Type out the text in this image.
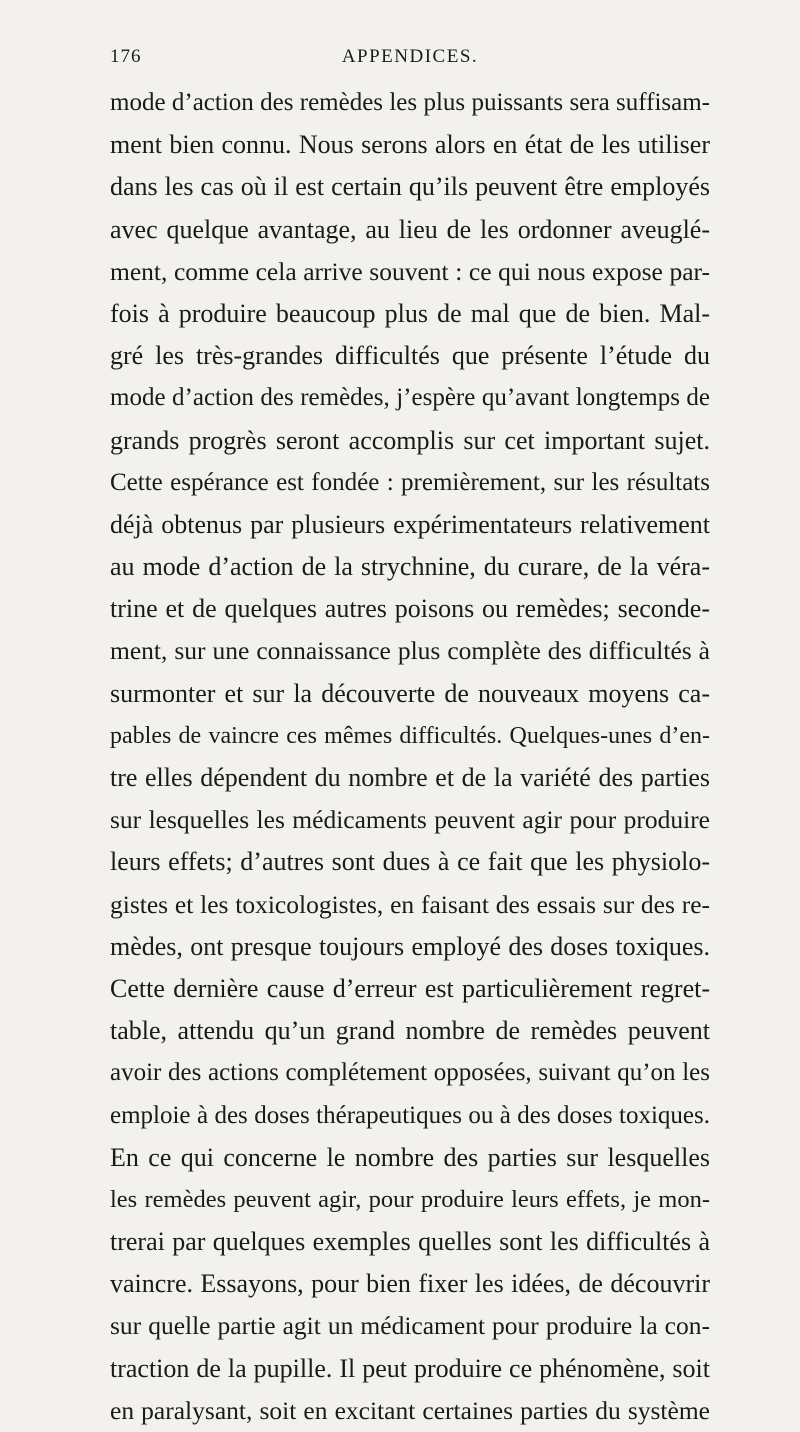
APPENDICES.
176
mode d’action des remèdes les plus puissants sera suffisam-
ment bien connu. Nous serons alors en état de les utiliser
dans les cas où il est certain qu’ils peuvent être employés
avec quelque avantage, au lieu de les ordonner aveuglé-
ment, comme cela arrive souvent : ce qui nous expose par-
fois à produire beaucoup plus de mal que de bien. Mal-
gré les très-grandes difficultés que présente l’étude du
mode d’action des remèdes, j’espère qu’avant longtemps de
grands progrès seront accomplis sur cet important sujet.
Cette espérance est fondée : premièrement, sur les résultats
déjà obtenus par plusieurs expérimentateurs relativement
au mode d’action de la strychnine, du curare, de la véra-
trine et de quelques autres poisons ou remèdes; seconde-
ment, sur une connaissance plus complète des difficultés à
surmonter et sur la découverte de nouveaux moyens ca-
pables de vaincre ces mêmes difficultés. Quelques-unes d’en-
tre elles dépendent du nombre et de la variété des parties
sur lesquelles les médicaments peuvent agir pour produire
leurs effets; d’autres sont dues à ce fait que les physiolo-
gistes et les toxicologistes, en faisant des essais sur des re-
mèdes, ont presque toujours employé des doses toxiques.
Cette dernière cause d’erreur est particulièrement regret-
table, attendu qu’un grand nombre de remèdes peuvent
avoir des actions complétement opposées, suivant qu’on les
emploie à des doses thérapeutiques ou à des doses toxiques.
En ce qui concerne le nombre des parties sur lesquelles
les remèdes peuvent agir, pour produire leurs effets, je mon-
trerai par quelques exemples quelles sont les difficultés à
vaincre. Essayons, pour bien fixer les idées, de découvrir
sur quelle partie agit un médicament pour produire la con-
traction de la pupille. Il peut produire ce phénomène, soit
en paralysant, soit en excitant certaines parties du système
